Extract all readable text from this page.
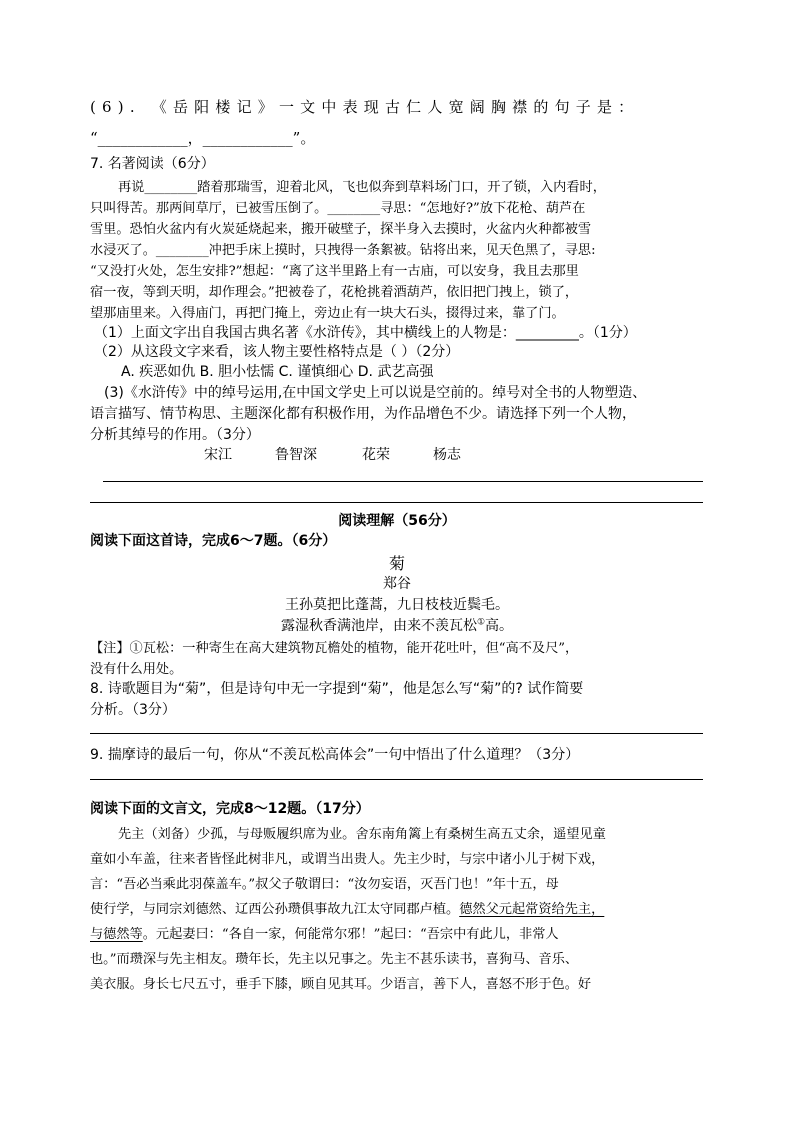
(6). 《岳阳楼记》一文中表现古仁人宽阔胸襟的句子是：
“____________，____________”。
7. 名著阅读（6分）
再说________踏着那瑞雪，迎着北风，飞也似奔到草料场门口，开了锁，入内看时，
只叫得苦。那两间草厅，已被雪压倒了。________寻思：“怎地好?”放下花枪、葫芦在
雪里。恐怕火盆内有火炭延烧起来，搬开破壁子，探半身入去摸时，火盆内火种都被雪
水浸灭了。________冲把手床上摸时，只拽得一条絮被。钻将出来，见天色黑了，寻思:
“又没打火处，怎生安排?”想起：“离了这半里路上有一古庙，可以安身，我且去那里
宿一夜，等到天明，却作理会。”把被卷了，花枪挑着酒葫芦，依旧把门拽上，锁了，
望那庙里来。入得庙门，再把门掩上，旁边止有一块大石头，掇得过来，靠了门。
（1）上面文字出自我国古典名著《水浒传》，其中横线上的人物是：_________。（1分）
（2）从这段文字来看，该人物主要性格特点是（ ）（2分）
A. 疾恶如仇 B. 胆小怯懦 C. 谨慎细心 D. 武艺高强
(3)《水浒传》中的绰号运用,在中国文学史上可以说是空前的。绰号对全书的人物塑造、
语言描写、情节构思、主题深化都有积极作用，为作品增色不少。请选择下列一个人物，
分析其绰号的作用。（3分）
宋江	鲁智深	花荣	杨志
阅读理解（56分）
阅读下面这首诗，完成6～7题。（6分）
菊
郑谷
王孙莫把比蓬蒿，九日枝枝近鬓毛。
露湿秋香满池岸，由来不羡瓦松①高。
【注】①瓦松：一种寄生在高大建筑物瓦檐处的植物，能开花吐叶，但“高不及尺”，
没有什么用处。
8. 诗歌题目为“菊”，但是诗句中无一字提到“菊”，他是怎么写“菊”的? 试作简要
分析。（3分）
9. 揣摩诗的最后一句，你从“不羡瓦松高体会”一句中悟出了什么道理？（3分）
阅读下面的文言文，完成8～12题。（17分）
先主（刘备）少孤，与母贩履织席为业。舍东南角篱上有桑树生高五丈余，遥望见童
童如小车盖，往来者皆怪此树非凡，或谓当出贵人。先主少时，与宗中诸小儿于树下戏，
言：“吾必当乘此羽葆盖车。”叔父子敬谓曰：“汝勿妄语，灭吾门也！”年十五，母
使行学，与同宗刘德然、辽西公孙瓒俱事故九江太守同郡卢植。德然父元起常资给先主，
与德然等。元起妻曰：“各自一家，何能常尔邪！”起曰：“吾宗中有此儿，非常人
也。”而瓒深与先主相友。瓒年长，先主以兄事之。先主不甚乐读书，喜狗马、音乐、
美衣服。身长七尺五寸，垂手下膝，顾自见其耳。少语言，善下人，喜怒不形于色。好
